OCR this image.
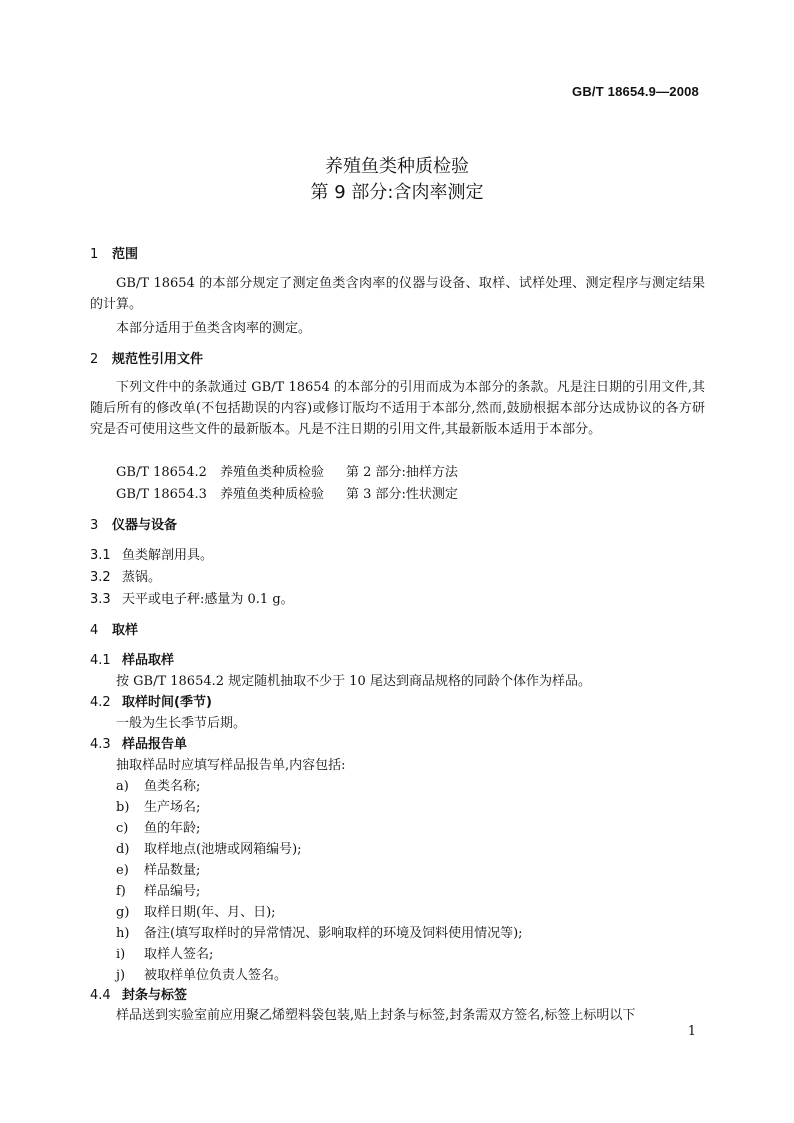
GB/T 18654.9—2008
养殖鱼类种质检验
第 9 部分:含肉率测定
1 范围
GB/T 18654 的本部分规定了测定鱼类含肉率的仪器与设备、取样、试样处理、测定程序与测定结果的计算。
本部分适用于鱼类含肉率的测定。
2 规范性引用文件
下列文件中的条款通过 GB/T 18654 的本部分的引用而成为本部分的条款。凡是注日期的引用文件,其随后所有的修改单(不包括勘误的内容)或修订版均不适用于本部分,然而,鼓励根据本部分达成协议的各方研究是否可使用这些文件的最新版本。凡是不注日期的引用文件,其最新版本适用于本部分。
GB/T 18654.2 养殖鱼类种质检验 第 2 部分:抽样方法
GB/T 18654.3 养殖鱼类种质检验 第 3 部分:性状测定
3 仪器与设备
3.1 鱼类解剖用具。
3.2 蒸锅。
3.3 天平或电子秤:感量为 0.1 g。
4 取样
4.1 样品取样
按 GB/T 18654.2 规定随机抽取不少于 10 尾达到商品规格的同龄个体作为样品。
4.2 取样时间(季节)
一般为生长季节后期。
4.3 样品报告单
抽取样品时应填写样品报告单,内容包括:
a) 鱼类名称;
b) 生产场名;
c) 鱼的年龄;
d) 取样地点(池塘或网箱编号);
e) 样品数量;
f) 样品编号;
g) 取样日期(年、月、日);
h) 备注(填写取样时的异常情况、影响取样的环境及饲料使用情况等);
i) 取样人签名;
j) 被取样单位负责人签名。
4.4 封条与标签
样品送到实验室前应用聚乙烯塑料袋包装,贴上封条与标签,封条需双方签名,标签上标明以下
1
